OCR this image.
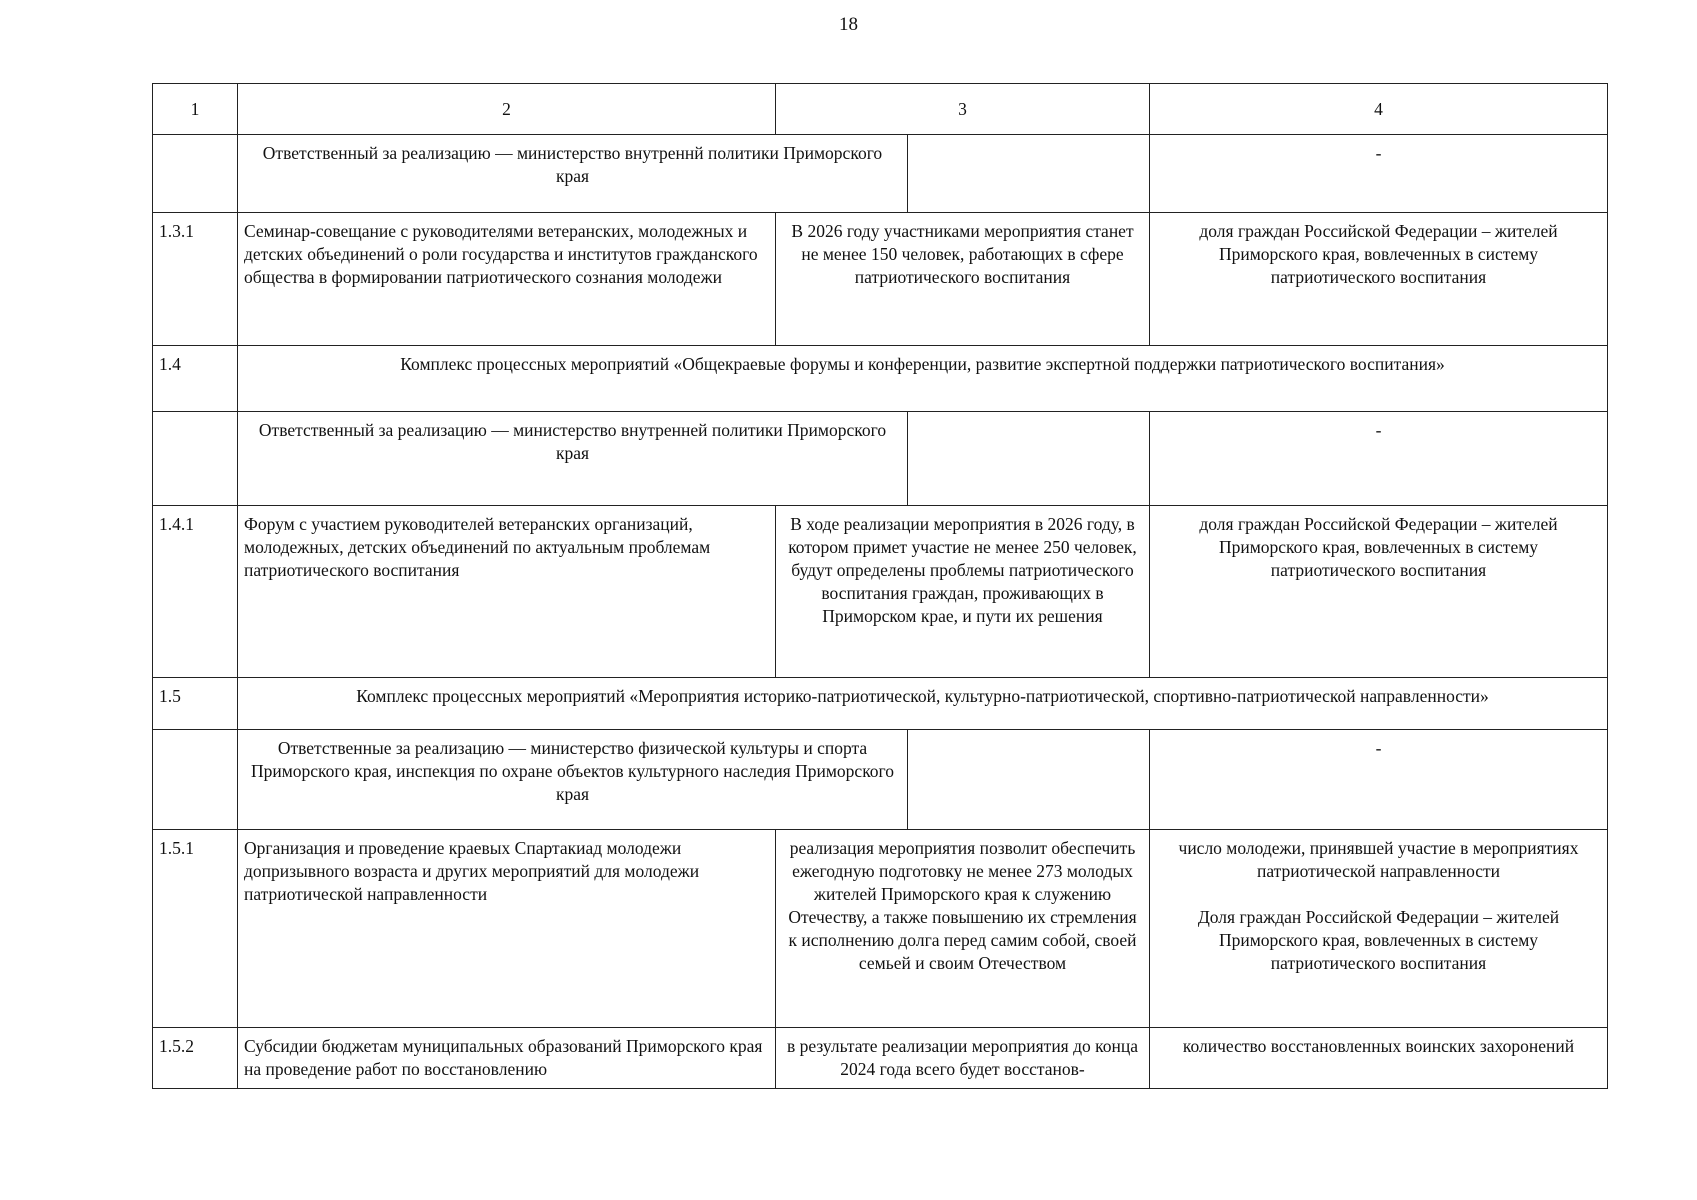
18
1	2	3	4

	Ответственный за реализацию — министерство внутреннй политики Приморского края		-
1.3.1	Семинар-совещание с руководителями ветеранских, молодежных и детских объединений о роли государства и институтов гражданского общества в формировании патриотического сознания молодежи	В 2026 году участниками мероприятия станет не менее 150 человек, работающих в сфере патриотического воспитания	доля граждан Российской Федерации – жителей Приморского края, вовлеченных в систему патриотического воспитания

1.4	Комплекс процессных мероприятий «Общекраевые форумы и конференции, развитие экспертной поддержки патриотического воспитания»		

	Ответственный за реализацию — министерство внутренней политики Приморского края		-
1.4.1	Форум с участием руководителей ветеранских организаций, молодежных, детских объединений по актуальным проблемам патриотического воспитания	В ходе реализации мероприятия в 2026 году, в котором примет участие не менее 250 человек, будут определены проблемы патриотического воспитания граждан, проживающих в Приморском крае, и пути их решения	доля граждан Российской Федерации – жителей Приморского края, вовлеченных в систему патриотического воспитания

1.5	Комплекс процессных мероприятий «Мероприятия историко-патриотической, культурно-патриотической, спортивно-патриотической направленности»		

	Ответственные за реализацию — министерство физической культуры и спорта Приморского края, инспекция по охране объектов культурного наследия Приморского края		-
1.5.1	Организация и проведение краевых Спартакиад молодежи допризывного возраста и других мероприятий для молодежи патриотической направленности	реализация мероприятия позволит обеспечить ежегодную подготовку не менее 273 молодых жителей Приморского края к служению Отечеству, а также повышению их стремления к исполнению долга перед самим собой, своей семьей и своим Отечеством	число молодежи, принявшей участие в мероприятиях патриотической направленности
Доля граждан Российской Федерации – жителей Приморского края, вовлеченных в систему патриотического воспитания

1.5.2	Субсидии бюджетам муниципальных образований Приморского края на проведение работ по восстановлению	в результате реализации мероприятия до конца 2024 года всего будет восстанов-	количество восстановленных воинских захоронений
